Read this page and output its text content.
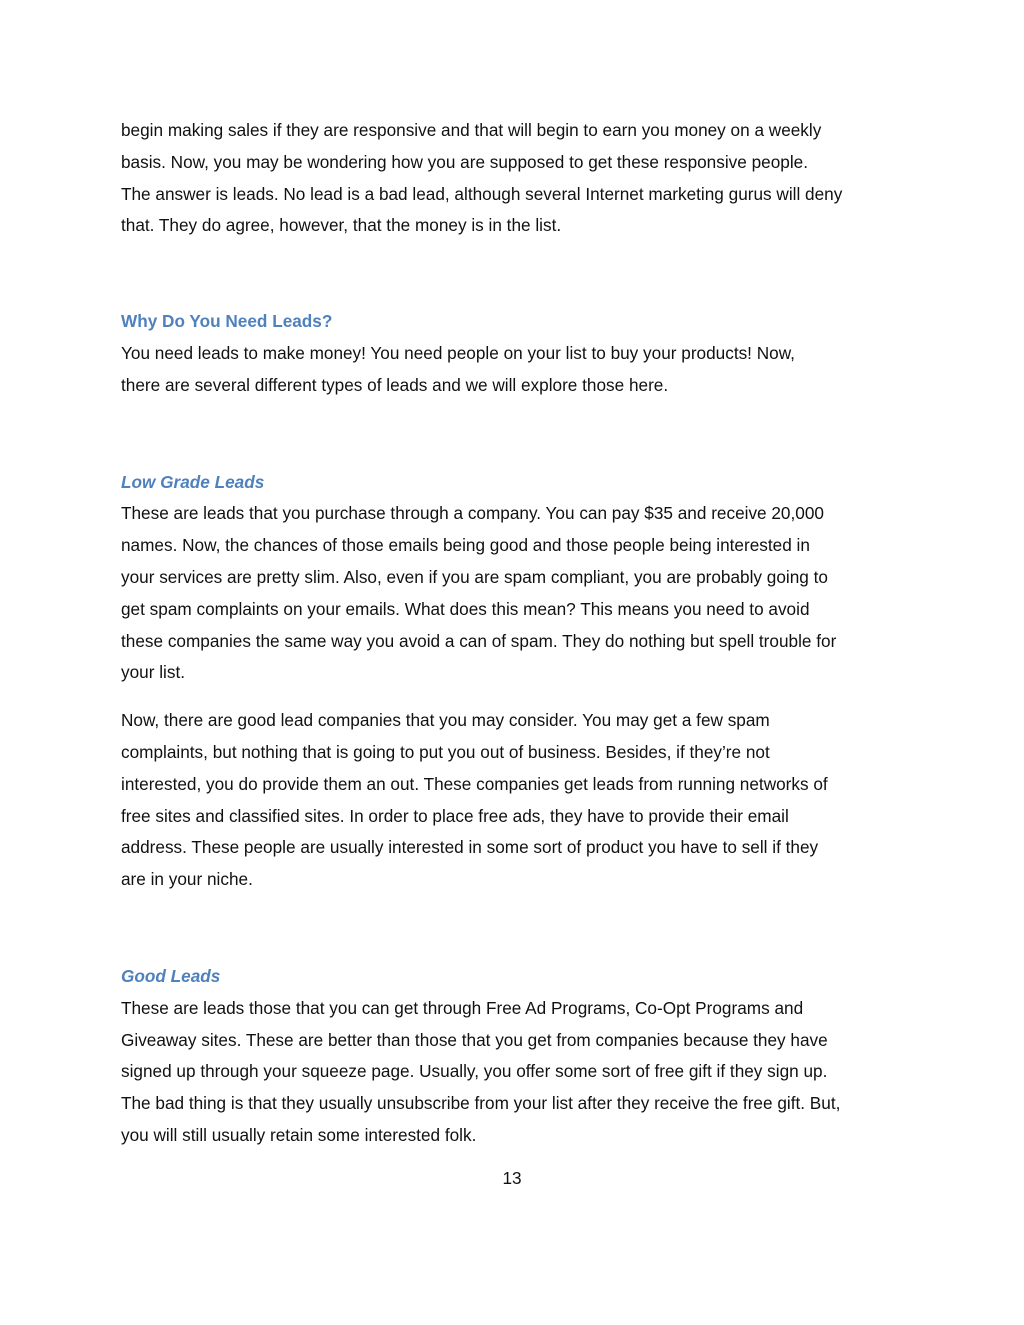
begin making sales if they are responsive and that will begin to earn you money on a weekly
basis. Now, you may be wondering how you are supposed to get these responsive people.
The answer is leads. No lead is a bad lead, although several Internet marketing gurus will deny
that. They do agree, however, that the money is in the list.
Why Do You Need Leads?
You need leads to make money! You need people on your list to buy your products! Now,
there are several different types of leads and we will explore those here.
Low Grade Leads
These are leads that you purchase through a company. You can pay $35 and receive 20,000
names. Now, the chances of those emails being good and those people being interested in
your services are pretty slim. Also, even if you are spam compliant, you are probably going to
get spam complaints on your emails. What does this mean? This means you need to avoid
these companies the same way you avoid a can of spam. They do nothing but spell trouble for
your list.
Now, there are good lead companies that you may consider. You may get a few spam
complaints, but nothing that is going to put you out of business. Besides, if they’re not
interested, you do provide them an out. These companies get leads from running networks of
free sites and classified sites. In order to place free ads, they have to provide their email
address. These people are usually interested in some sort of product you have to sell if they
are in your niche.
Good Leads
These are leads those that you can get through Free Ad Programs, Co-Opt Programs and
Giveaway sites. These are better than those that you get from companies because they have
signed up through your squeeze page. Usually, you offer some sort of free gift if they sign up.
The bad thing is that they usually unsubscribe from your list after they receive the free gift. But,
you will still usually retain some interested folk.
13
